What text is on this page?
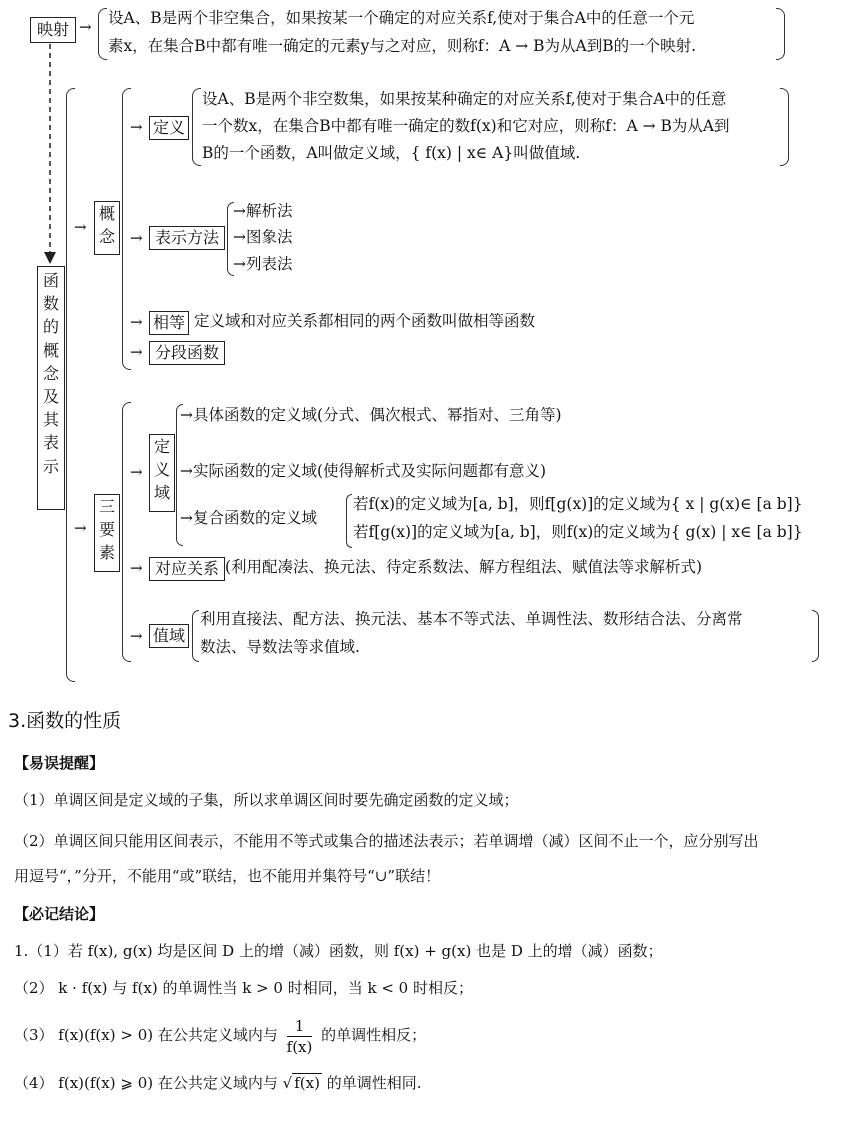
映射 → 设A、B是两个非空集合，如果按某一个确定的对应关系f,使对于集合A中的任意一个元
素x，在集合B中都有唯一确定的元素y与之对应，则称f：A → B为从A到B的一个映射.
函
数
的
概
念
及
其
表
示
→
概
念
→ 定义
设A、B是两个非空数集，如果按某种确定的对应关系f,使对于集合A中的任意
一个数x，在集合B中都有唯一确定的数f(x)和它对应，则称f：A → B为从A到
B的一个函数，A叫做定义域，{ f(x) | x∈ A}叫做值域.
→ 表示方法
→解析法
→图象法
→列表法
→ 相等 定义域和对应关系都相同的两个函数叫做相等函数
→ 分段函数
→
三
要
素
→
定
义
域
→具体函数的定义域(分式、偶次根式、幂指对、三角等)
→实际函数的定义域(使得解析式及实际问题都有意义)
→复合函数的定义域
若f(x)的定义域为[a, b]，则f[g(x)]的定义域为{ x | g(x)∈ [a b]}
若f[g(x)]的定义域为[a, b]，则f(x)的定义域为{ g(x) | x∈ [a b]}
→ 对应关系 (利用配凑法、换元法、待定系数法、解方程组法、赋值法等求解析式)
→ 值域
利用直接法、配方法、换元法、基本不等式法、单调性法、数形结合法、分离常
数法、导数法等求值域.
3.函数的性质
【易误提醒】
（1）单调区间是定义域的子集，所以求单调区间时要先确定函数的定义域；
（2）单调区间只能用区间表示，不能用不等式或集合的描述法表示；若单调增（减）区间不止一个，应分别写出
用逗号“，”分开，不能用“或”联结，也不能用并集符号“∪”联结！
【必记结论】
1.（1）若 f(x), g(x) 均是区间 D 上的增（减）函数，则 f(x) + g(x) 也是 D 上的增（减）函数；
（2） k · f(x) 与 f(x) 的单调性当 k > 0 时相同，当 k < 0 时相反；
（3） f(x)(f(x) > 0) 在公共定义域内与 $\frac{1}{f(x)}$ 的单调性相反；
（4） f(x)(f(x) ⩾ 0) 在公共定义域内与 √ f(x) 的单调性相同.
